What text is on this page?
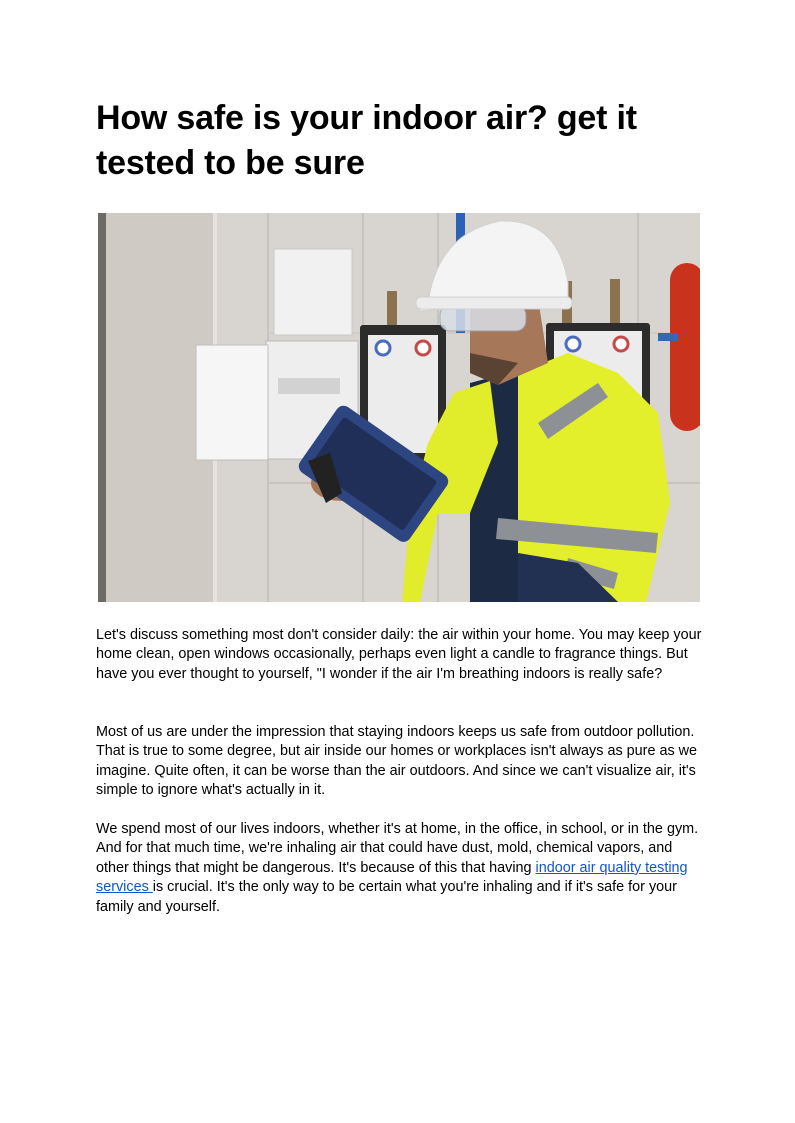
How safe is your indoor air? get it tested to be sure

Let's discuss something most don't consider daily: the air within your home. You may keep your home clean, open windows occasionally, perhaps even light a candle to fragrance things. But have you ever thought to yourself, "I wonder if the air I'm breathing indoors is really safe?

Most of us are under the impression that staying indoors keeps us safe from outdoor pollution. That is true to some degree, but air inside our homes or workplaces isn't always as pure as we imagine. Quite often, it can be worse than the air outdoors. And since we can't visualize air, it's simple to ignore what's actually in it.

We spend most of our lives indoors, whether it's at home, in the office, in school, or in the gym. And for that much time, we're inhaling air that could have dust, mold, chemical vapors, and other things that might be dangerous. It's because of this that having indoor air quality testing services is crucial. It's the only way to be certain what you're inhaling and if it's safe for your family and yourself.
